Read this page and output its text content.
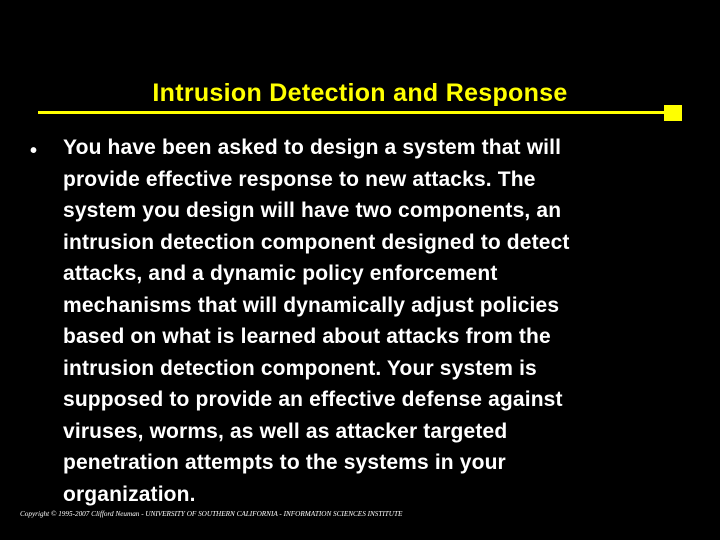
Intrusion Detection and Response
• You have been asked to design a system that will
provide effective response to new attacks. The
system you design will have two components, an
intrusion detection component designed to detect
attacks, and a dynamic policy enforcement
mechanisms that will dynamically adjust policies
based on what is learned about attacks from the
intrusion detection component. Your system is
supposed to provide an effective defense against
viruses, worms, as well as attacker targeted
penetration attempts to the systems in your
organization.
Copyright © 1995-2007 Clifford Neuman - UNIVERSITY OF SOUTHERN CALIFORNIA - INFORMATION SCIENCES INSTITUTE
